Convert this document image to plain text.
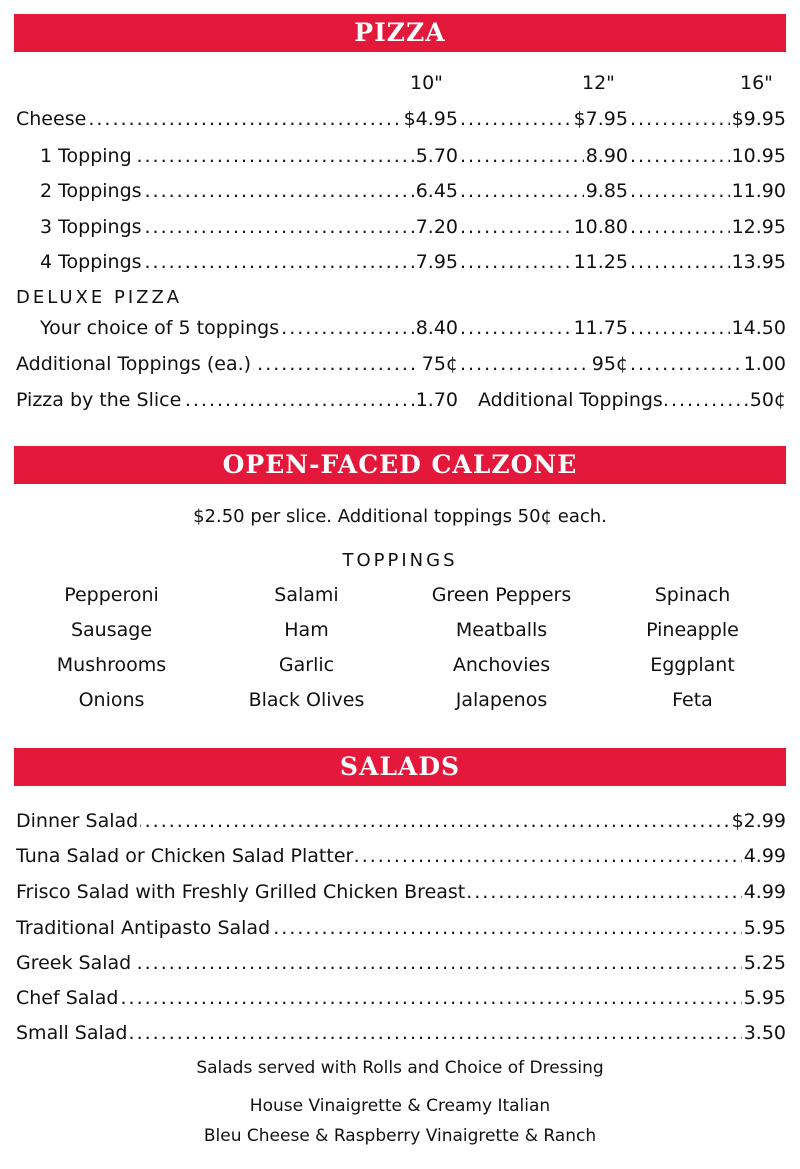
PIZZA
10"	12"	16"
.....
Cheese	$4.95 .....	$7.95 .....	$9.95
.....
1 Topping	5.70 .....	8.90 .....	10.95
.....
2 Toppings	6.45 .....	9.85 .....	11.90
.....
3 Toppings	7.20 .....	10.80 .....	12.95
.....
4 Toppings	7.95 .....	11.25 .....	13.95
DELUXE PIZZA
.....
Your choice of 5 toppings	8.40 .....	11.75 .....	14.50
.....
Additional Toppings (ea.)	75¢ .....	95¢ .....	1.00
.....
Pizza by the Slice	1.70 ..... Additional Toppings	50¢
OPEN-FACED CALZONE
$2.50 per slice. Additional toppings 50¢ each.
TOPPINGS
Pepperoni	Salami	Green Peppers	Spinach
Sausage	Ham	Meatballs	Pineapple
Mushrooms	Garlic	Anchovies	Eggplant
Onions	Black Olives	Jalapenos	Feta
SALADS
.....
Dinner Salad	$2.99
.....
Tuna Salad or Chicken Salad Platter	4.99
.....
Frisco Salad with Freshly Grilled Chicken Breast	4.99
.....
Traditional Antipasto Salad	5.95
.....
Greek Salad	5.25
.....
Chef Salad	5.95
.....
Small Salad	3.50
Salads served with Rolls and Choice of Dressing
House Vinaigrette & Creamy Italian
Bleu Cheese & Raspberry Vinaigrette & Ranch
